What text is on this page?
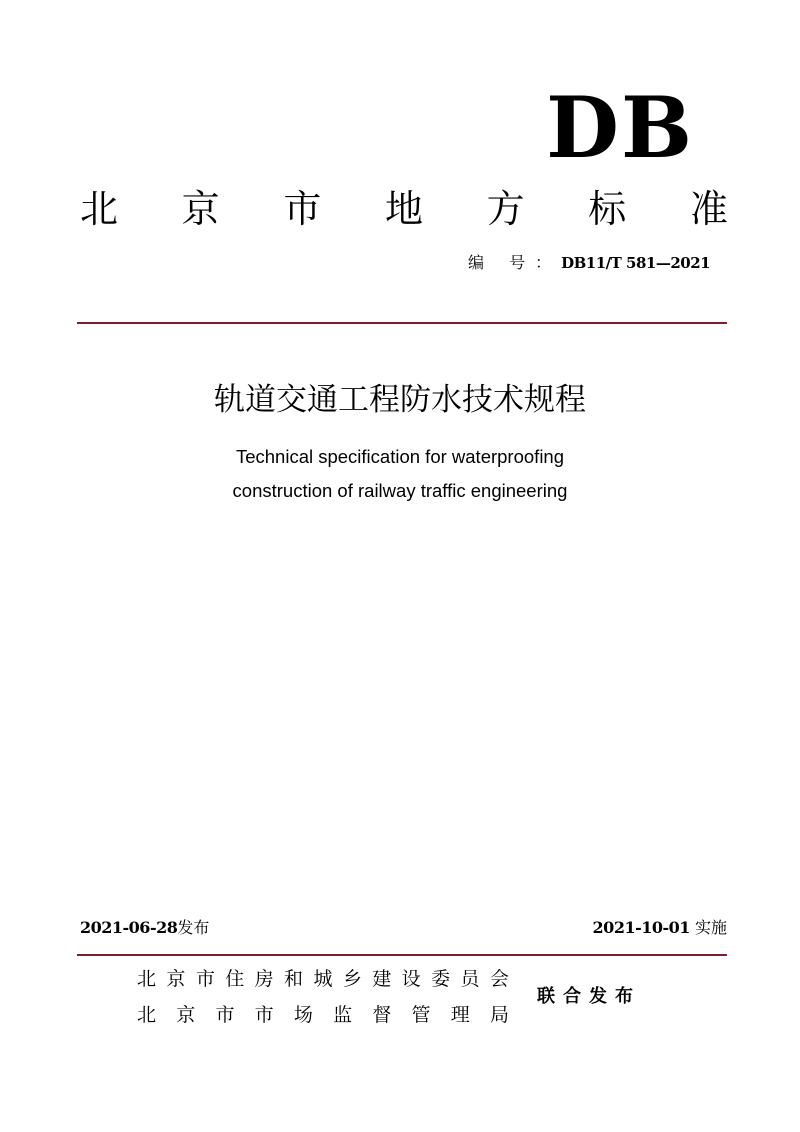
DB
北 京 市 地 方 标 准
编 号：DB11/T 581—2021
轨道交通工程防水技术规程
Technical specification for waterproofing
construction of railway traffic engineering
2021-06-28发布	2021-10-01 实施
北 京 市 住 房 和 城 乡 建 设 委 员 会
北 京 市 市 场 监 督 管 理 局
联合发布
